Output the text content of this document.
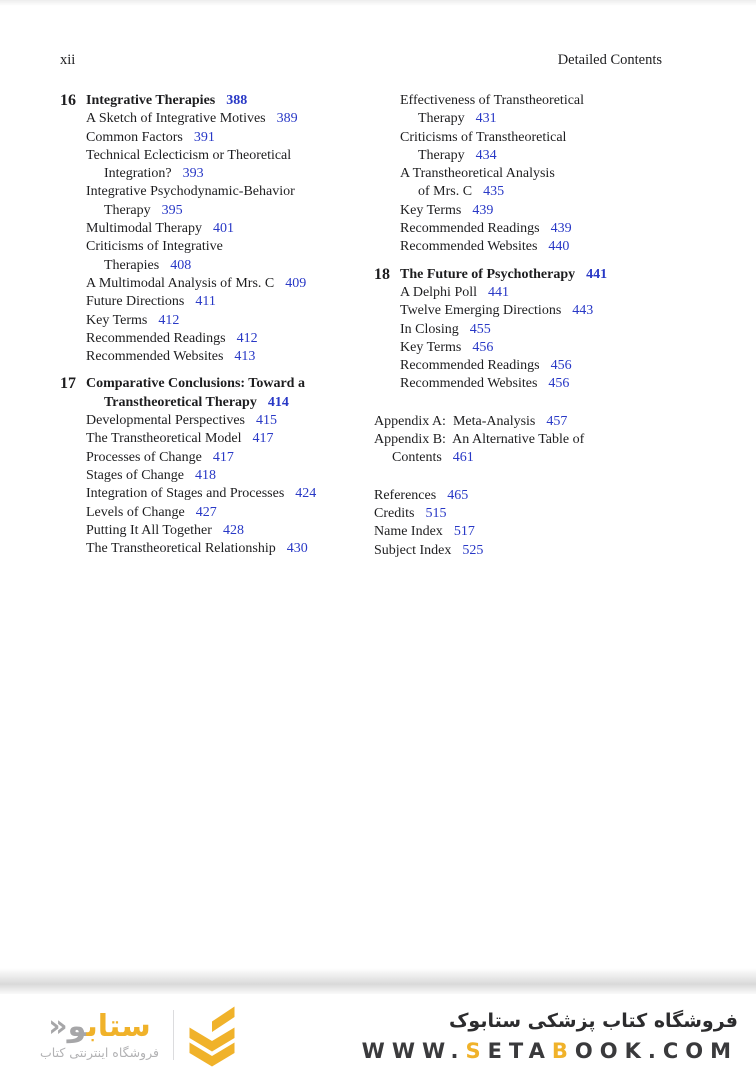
xii	Detailed Contents
16 Integrative Therapies 388
A Sketch of Integrative Motives 389
Common Factors 391
Technical Eclecticism or Theoretical
Integration? 393
Integrative Psychodynamic-Behavior
Therapy 395
Multimodal Therapy 401
Criticisms of Integrative
Therapies 408
A Multimodal Analysis of Mrs. C 409
Future Directions 411
Key Terms 412
Recommended Readings 412
Recommended Websites 413
17 Comparative Conclusions: Toward a
Transtheoretical Therapy 414
Developmental Perspectives 415
The Transtheoretical Model 417
Processes of Change 417
Stages of Change 418
Integration of Stages and Processes 424
Levels of Change 427
Putting It All Together 428
The Transtheoretical Relationship 430
Effectiveness of Transtheoretical
Therapy 431
Criticisms of Transtheoretical
Therapy 434
A Transtheoretical Analysis
of Mrs. C 435
Key Terms 439
Recommended Readings 439
Recommended Websites 440
18 The Future of Psychotherapy 441
A Delphi Poll 441
Twelve Emerging Directions 443
In Closing 455
Key Terms 456
Recommended Readings 456
Recommended Websites 456
Appendix A:  Meta-Analysis 457
Appendix B:  An Alternative Table of
Contents 461
References 465
Credits 515
Name Index 517
Subject Index 525
ستابو«
فروشگاه اینترنتی کتاب
فروشگاه کتاب پزشکی ستابوک
WWW.SETABOOK.COM
